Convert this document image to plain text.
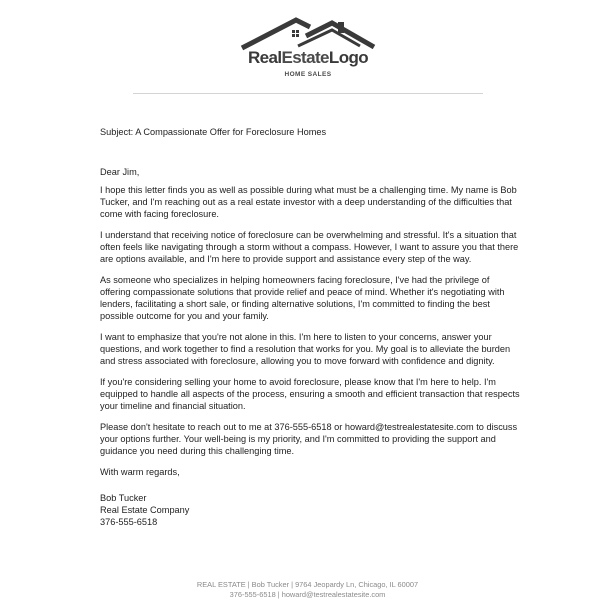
RealEstateLogo
HOME SALES

Subject: A Compassionate Offer for Foreclosure Homes

Dear Jim,

I hope this letter finds you as well as possible during what must be a challenging time. My name is Bob Tucker, and I'm reaching out as a real estate investor with a deep understanding of the difficulties that come with facing foreclosure.

I understand that receiving notice of foreclosure can be overwhelming and stressful. It's a situation that often feels like navigating through a storm without a compass. However, I want to assure you that there are options available, and I'm here to provide support and assistance every step of the way.

As someone who specializes in helping homeowners facing foreclosure, I've had the privilege of offering compassionate solutions that provide relief and peace of mind. Whether it's negotiating with lenders, facilitating a short sale, or finding alternative solutions, I'm committed to finding the best possible outcome for you and your family.

I want to emphasize that you're not alone in this. I'm here to listen to your concerns, answer your questions, and work together to find a resolution that works for you. My goal is to alleviate the burden and stress associated with foreclosure, allowing you to move forward with confidence and dignity.

If you're considering selling your home to avoid foreclosure, please know that I'm here to help. I'm equipped to handle all aspects of the process, ensuring a smooth and efficient transaction that respects your timeline and financial situation.

Please don't hesitate to reach out to me at 376-555-6518 or howard@testrealestatesite.com to discuss your options further. Your well-being is my priority, and I'm committed to providing the support and guidance you need during this challenging time.

With warm regards,

Bob Tucker

Real Estate Company

376-555-6518

REAL ESTATE | Bob Tucker | 9764 Jeopardy Ln, Chicago, IL 60007
376-555-6518 | howard@testrealestatesite.com
